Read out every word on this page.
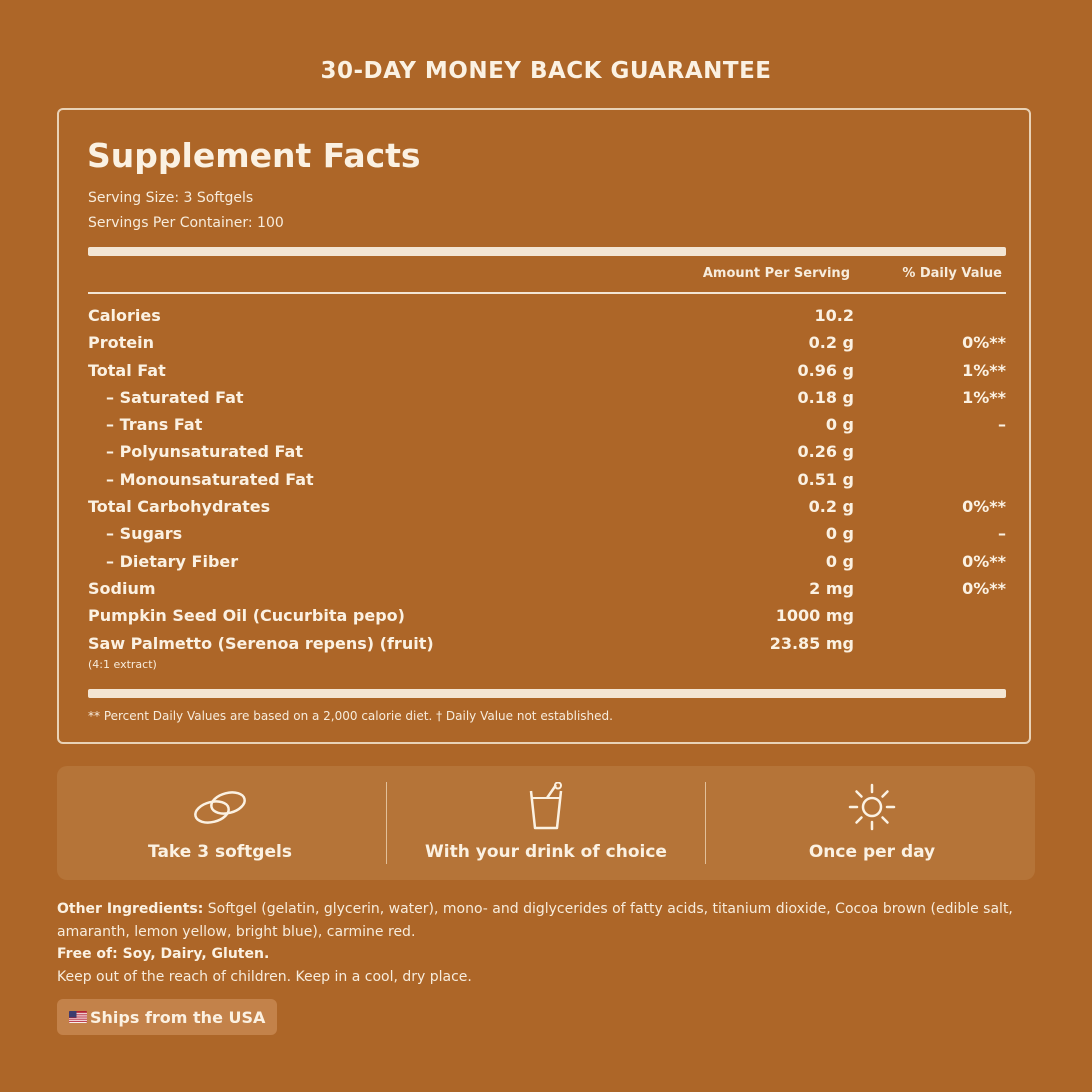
30-DAY MONEY BACK GUARANTEE
Supplement Facts
Serving Size: 3 Softgels
Servings Per Container: 100
Amount Per Serving	% Daily Value
Calories	10.2
Protein	0.2 g	0%**
Total Fat	0.96 g	1%**
– Saturated Fat	0.18 g	1%**
– Trans Fat	0 g	–
– Polyunsaturated Fat	0.26 g
– Monounsaturated Fat	0.51 g
Total Carbohydrates	0.2 g	0%**
– Sugars	0 g	–
– Dietary Fiber	0 g	0%**
Sodium	2 mg	0%**
Pumpkin Seed Oil (Cucurbita pepo)	1000 mg
Saw Palmetto (Serenoa repens) (fruit)	23.85 mg
(4:1 extract)
** Percent Daily Values are based on a 2,000 calorie diet. † Daily Value not established.
Take 3 softgels	With your drink of choice	Once per day
Other Ingredients: Softgel (gelatin, glycerin, water), mono- and diglycerides of fatty acids, titanium dioxide, Cocoa brown (edible salt, amaranth, lemon yellow, bright blue), carmine red.
Free of: Soy, Dairy, Gluten.
Keep out of the reach of children. Keep in a cool, dry place.
Ships from the USA
